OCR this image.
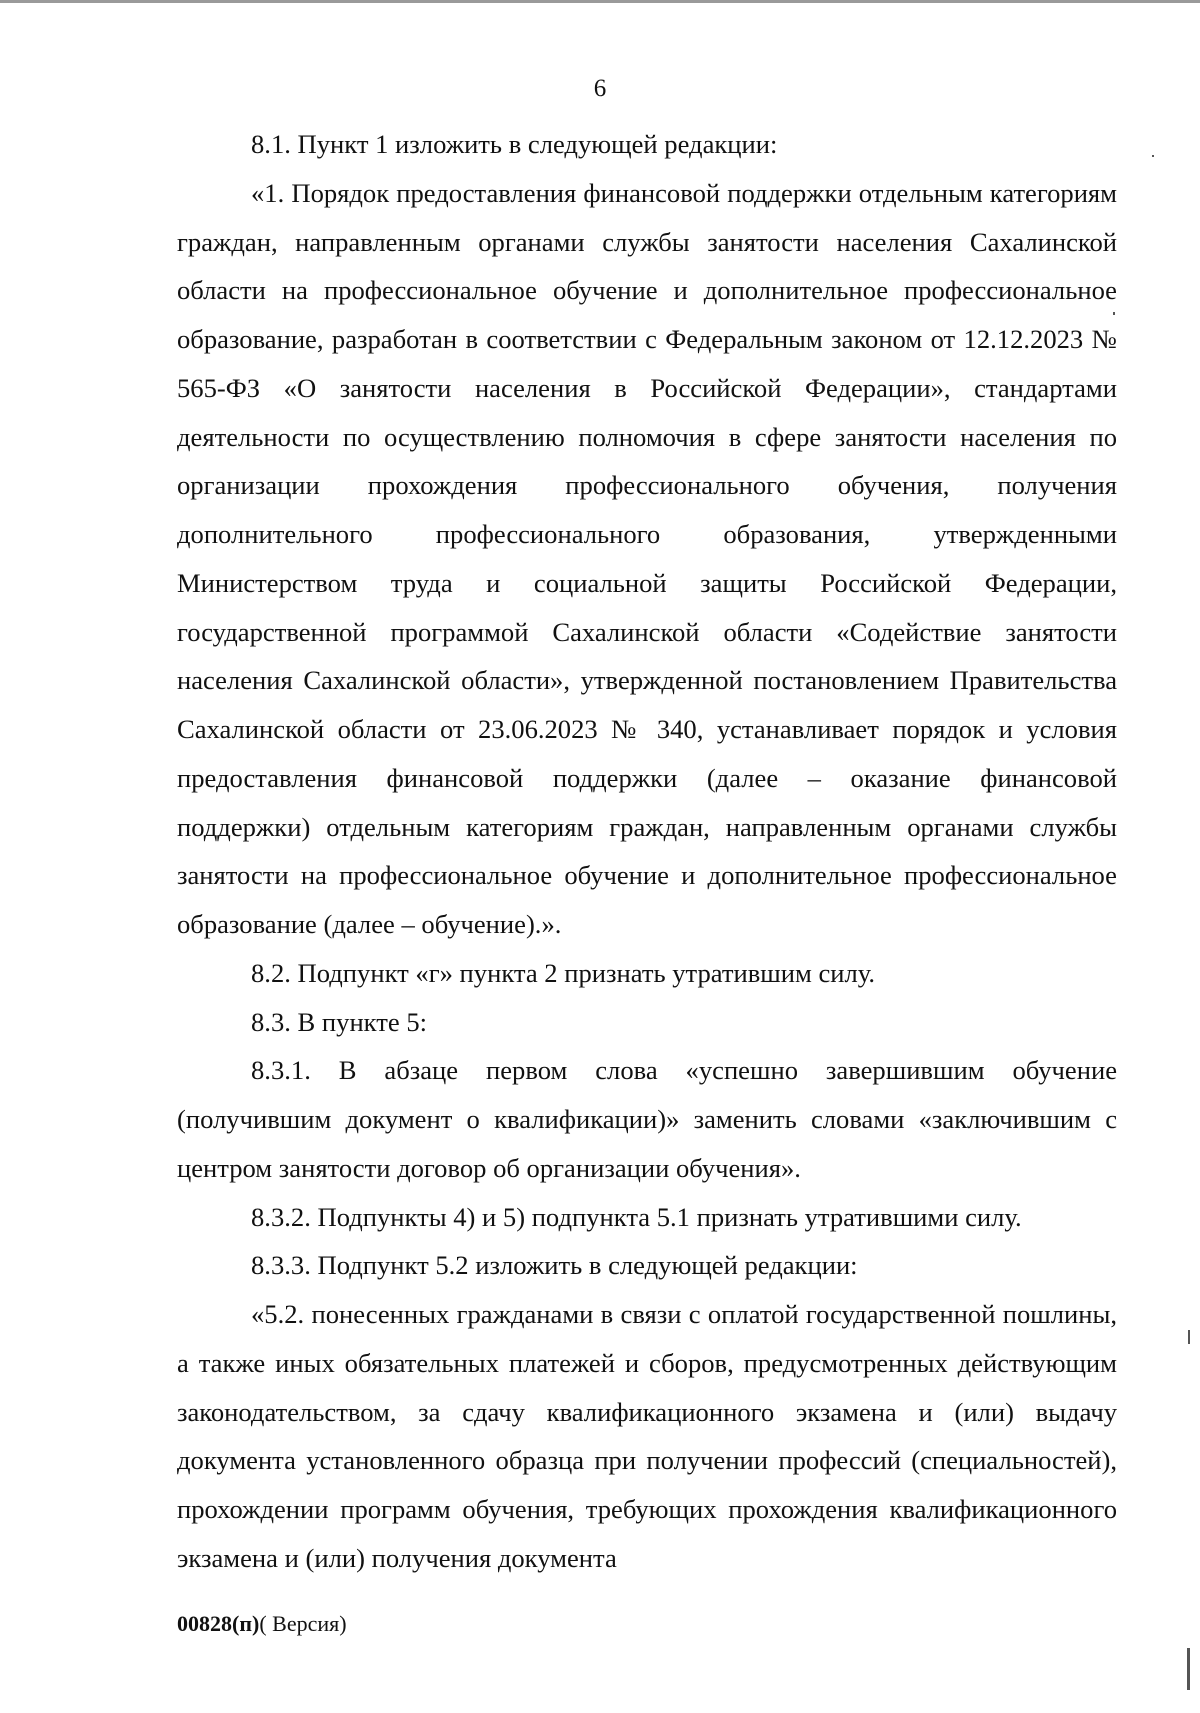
6

8.1. Пункт 1 изложить в следующей редакции:

«1. Порядок предоставления финансовой поддержки отдельным категориям граждан, направленным органами службы занятости населения Сахалинской области на профессиональное обучение и дополнительное профессиональное образование, разработан в соответствии с Федеральным законом от 12.12.2023 № 565-ФЗ «О занятости населения в Российской Федерации», стандартами деятельности по осуществлению полномочия в сфере занятости населения по организации прохождения профессионального обучения, получения дополнительного профессионального образования, утвержденными Министерством труда и социальной защиты Российской Федерации, государственной программой Сахалинской области «Содействие занятости населения Сахалинской области», утвержденной постановлением Правительства Сахалинской области от 23.06.2023 № 340, устанавливает порядок и условия предоставления финансовой поддержки (далее – оказание финансовой поддержки) отдельным категориям граждан, направленным органами службы занятости на профессиональное обучение и дополнительное профессиональное образование (далее – обучение).».

8.2. Подпункт «г» пункта 2 признать утратившим силу.

8.3. В пункте 5:

8.3.1. В абзаце первом слова «успешно завершившим обучение (получившим документ о квалификации)» заменить словами «заключившим с центром занятости договор об организации обучения».

8.3.2. Подпункты 4) и 5) подпункта 5.1 признать утратившими силу.

8.3.3. Подпункт 5.2 изложить в следующей редакции:

«5.2. понесенных гражданами в связи с оплатой государственной пошлины, а также иных обязательных платежей и сборов, предусмотренных действующим законодательством, за сдачу квалификационного экзамена и (или) выдачу документа установленного образца при получении профессий (специальностей), прохождении программ обучения, требующих прохождения квалификационного экзамена и (или) получения документа

00828(п)( Версия)
